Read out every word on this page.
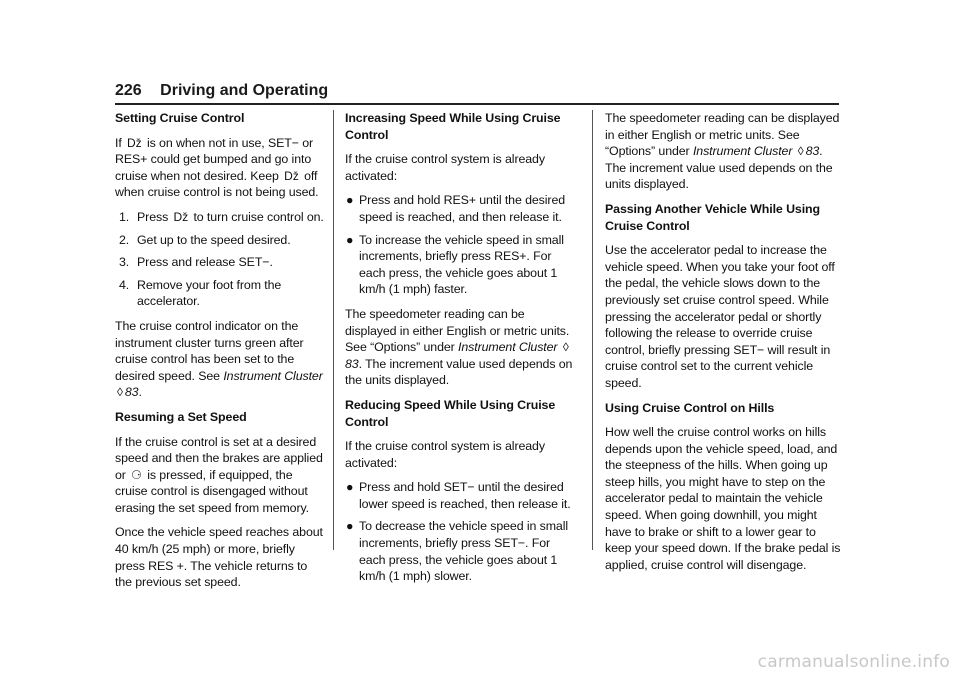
226 Driving and Operating
Setting Cruise Control

If ǅ is on when not in use, SET− or RES+ could get bumped and go into cruise when not desired. Keep ǅ off when cruise control is not being used.

1. Press ǅ to turn cruise control on.
2. Get up to the speed desired.
3. Press and release SET−.
4. Remove your foot from the accelerator.

The cruise control indicator on the instrument cluster turns green after cruise control has been set to the desired speed. See Instrument Cluster ◊ 83.

Resuming a Set Speed

If the cruise control is set at a desired speed and then the brakes are applied or ⚆ is pressed, if equipped, the cruise control is disengaged without erasing the set speed from memory.

Once the vehicle speed reaches about 40 km/h (25 mph) or more, briefly press RES +. The vehicle returns to the previous set speed.

Increasing Speed While Using Cruise Control

If the cruise control system is already activated:

● Press and hold RES+ until the desired speed is reached, and then release it.
● To increase the vehicle speed in small increments, briefly press RES+. For each press, the vehicle goes about 1 km/h (1 mph) faster.

The speedometer reading can be displayed in either English or metric units. See “Options” under Instrument Cluster ◊83. The increment value used depends on the units displayed.

Reducing Speed While Using Cruise Control

If the cruise control system is already activated:

● Press and hold SET− until the desired lower speed is reached, then release it.
● To decrease the vehicle speed in small increments, briefly press SET−. For each press, the vehicle goes about 1 km/h (1 mph) slower.

The speedometer reading can be displayed in either English or metric units. See “Options” under Instrument Cluster ◊ 83. The increment value used depends on the units displayed.

Passing Another Vehicle While Using Cruise Control

Use the accelerator pedal to increase the vehicle speed. When you take your foot off the pedal, the vehicle slows down to the previously set cruise control speed. While pressing the accelerator pedal or shortly following the release to override cruise control, briefly pressing SET− will result in cruise control set to the current vehicle speed.

Using Cruise Control on Hills

How well the cruise control works on hills depends upon the vehicle speed, load, and the steepness of the hills. When going up steep hills, you might have to step on the accelerator pedal to maintain the vehicle speed. When going downhill, you might have to brake or shift to a lower gear to keep your speed down. If the brake pedal is applied, cruise control will disengage.

carmanualsonline.info
